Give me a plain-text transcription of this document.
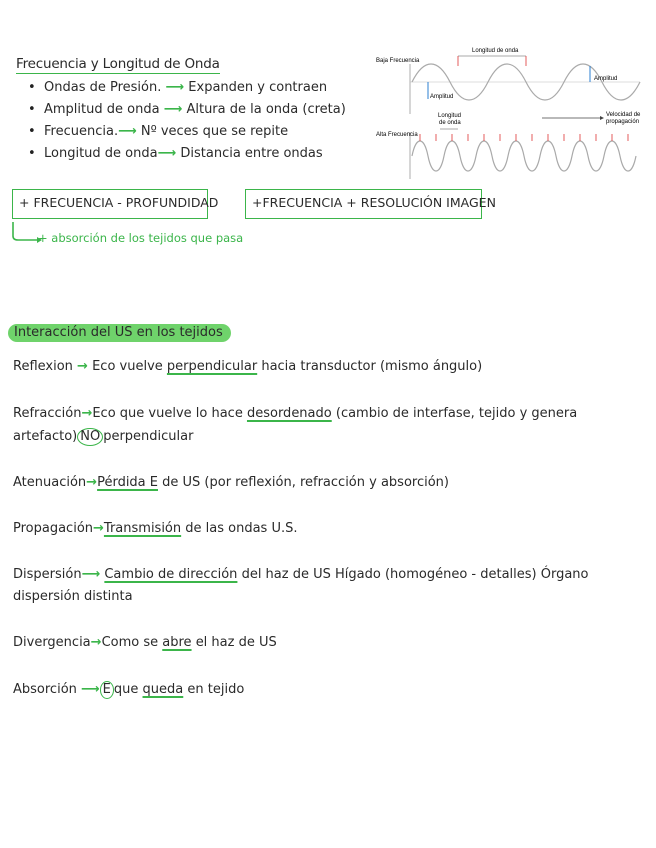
Frecuencia y Longitud de Onda
• Ondas de Presión. ⟶ Expanden y contraen
• Amplitud de onda ⟶ Altura de la onda (creta)
• Frecuencia.⟶ Nº veces que se repite
• Longitud de onda⟶ Distancia entre ondas
Baja Frecuencia
Longitud de onda
Amplitud
Amplitud
Longitud
de onda
Velocidad de
propagación
Alta Frecuencia
+ FRECUENCIA - PROFUNDIDAD	+FRECUENCIA + RESOLUCIÓN IMAGEN
+ absorción de los tejidos que pasa
Interacción del US en los tejidos
Reflexion → Eco vuelve perpendicular hacia transductor (mismo ángulo)
Refracción→Eco que vuelve lo hace desordenado (cambio de interfase, tejido y genera
artefacto) NO perpendicular
Atenuación→Pérdida E de US (por reflexión, refracción y absorción)
Propagación→Transmisión de las ondas U.S.
Dispersión⟶ Cambio de dirección del haz de US Hígado (homogéneo - detalles) Órgano
dispersión distinta
Divergencia→Como se abre el haz de US
Absorción ⟶ E que queda en tejido
